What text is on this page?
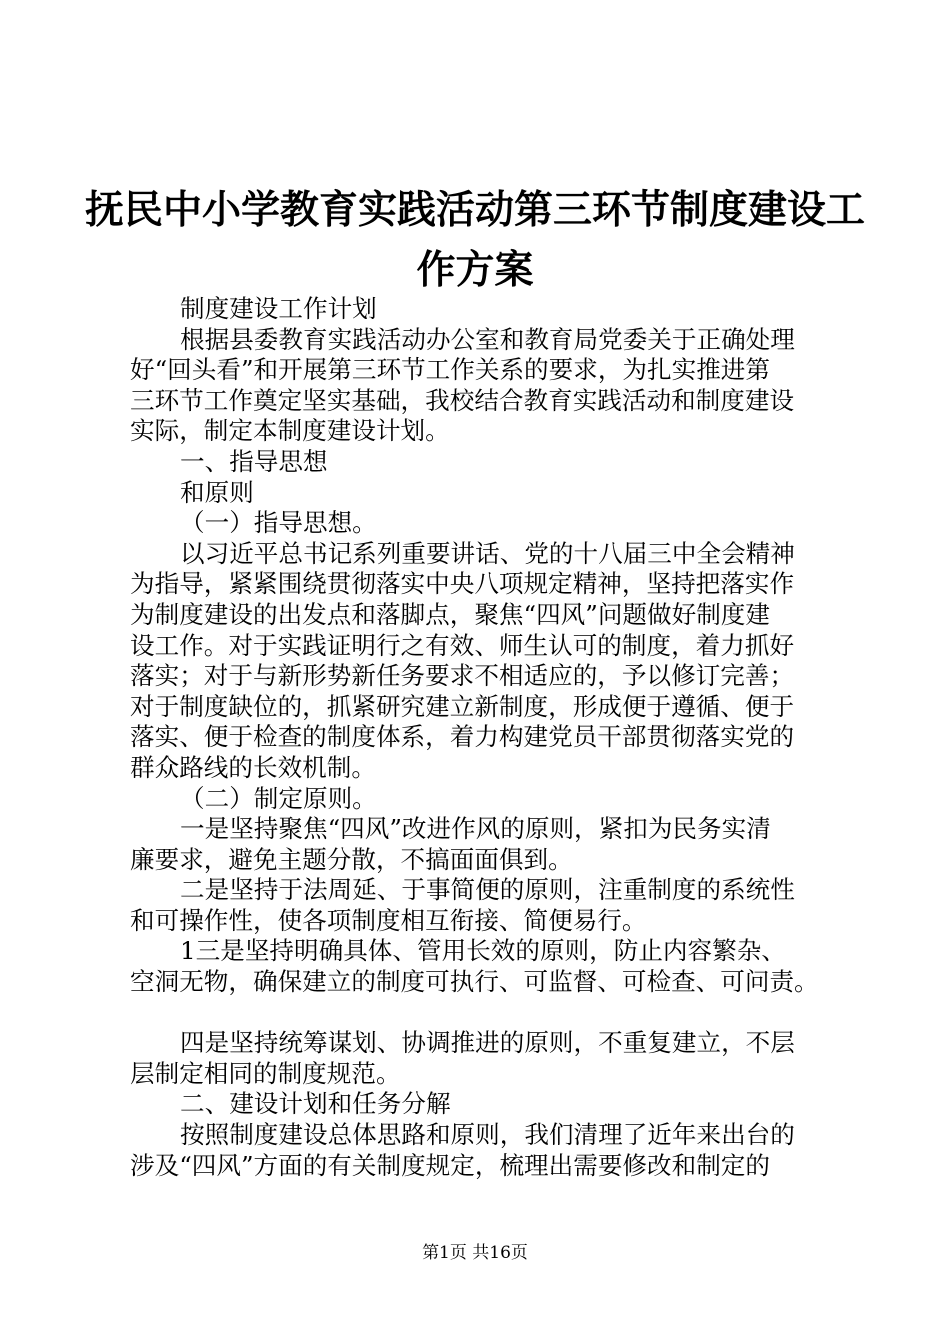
抚民中小学教育实践活动第三环节制度建设工
作方案
制度建设工作计划
根据县委教育实践活动办公室和教育局党委关于正确处理
好“回头看”和开展第三环节工作关系的要求，为扎实推进第
三环节工作奠定坚实基础，我校结合教育实践活动和制度建设
实际，制定本制度建设计划。
一、指导思想
和原则
（一）指导思想。
以习近平总书记系列重要讲话、党的十八届三中全会精神
为指导，紧紧围绕贯彻落实中央八项规定精神，坚持把落实作
为制度建设的出发点和落脚点，聚焦“四风”问题做好制度建
设工作。对于实践证明行之有效、师生认可的制度，着力抓好
落实；对于与新形势新任务要求不相适应的，予以修订完善；
对于制度缺位的，抓紧研究建立新制度，形成便于遵循、便于
落实、便于检查的制度体系，着力构建党员干部贯彻落实党的
群众路线的长效机制。
（二）制定原则。
一是坚持聚焦“四风”改进作风的原则，紧扣为民务实清
廉要求，避免主题分散，不搞面面俱到。
二是坚持于法周延、于事简便的原则，注重制度的系统性
和可操作性，使各项制度相互衔接、简便易行。
1三是坚持明确具体、管用长效的原则，防止内容繁杂、
空洞无物，确保建立的制度可执行、可监督、可检查、可问责。
四是坚持统筹谋划、协调推进的原则，不重复建立，不层
层制定相同的制度规范。
二、建设计划和任务分解
按照制度建设总体思路和原则，我们清理了近年来出台的
涉及“四风”方面的有关制度规定，梳理出需要修改和制定的
第1页 共16页
